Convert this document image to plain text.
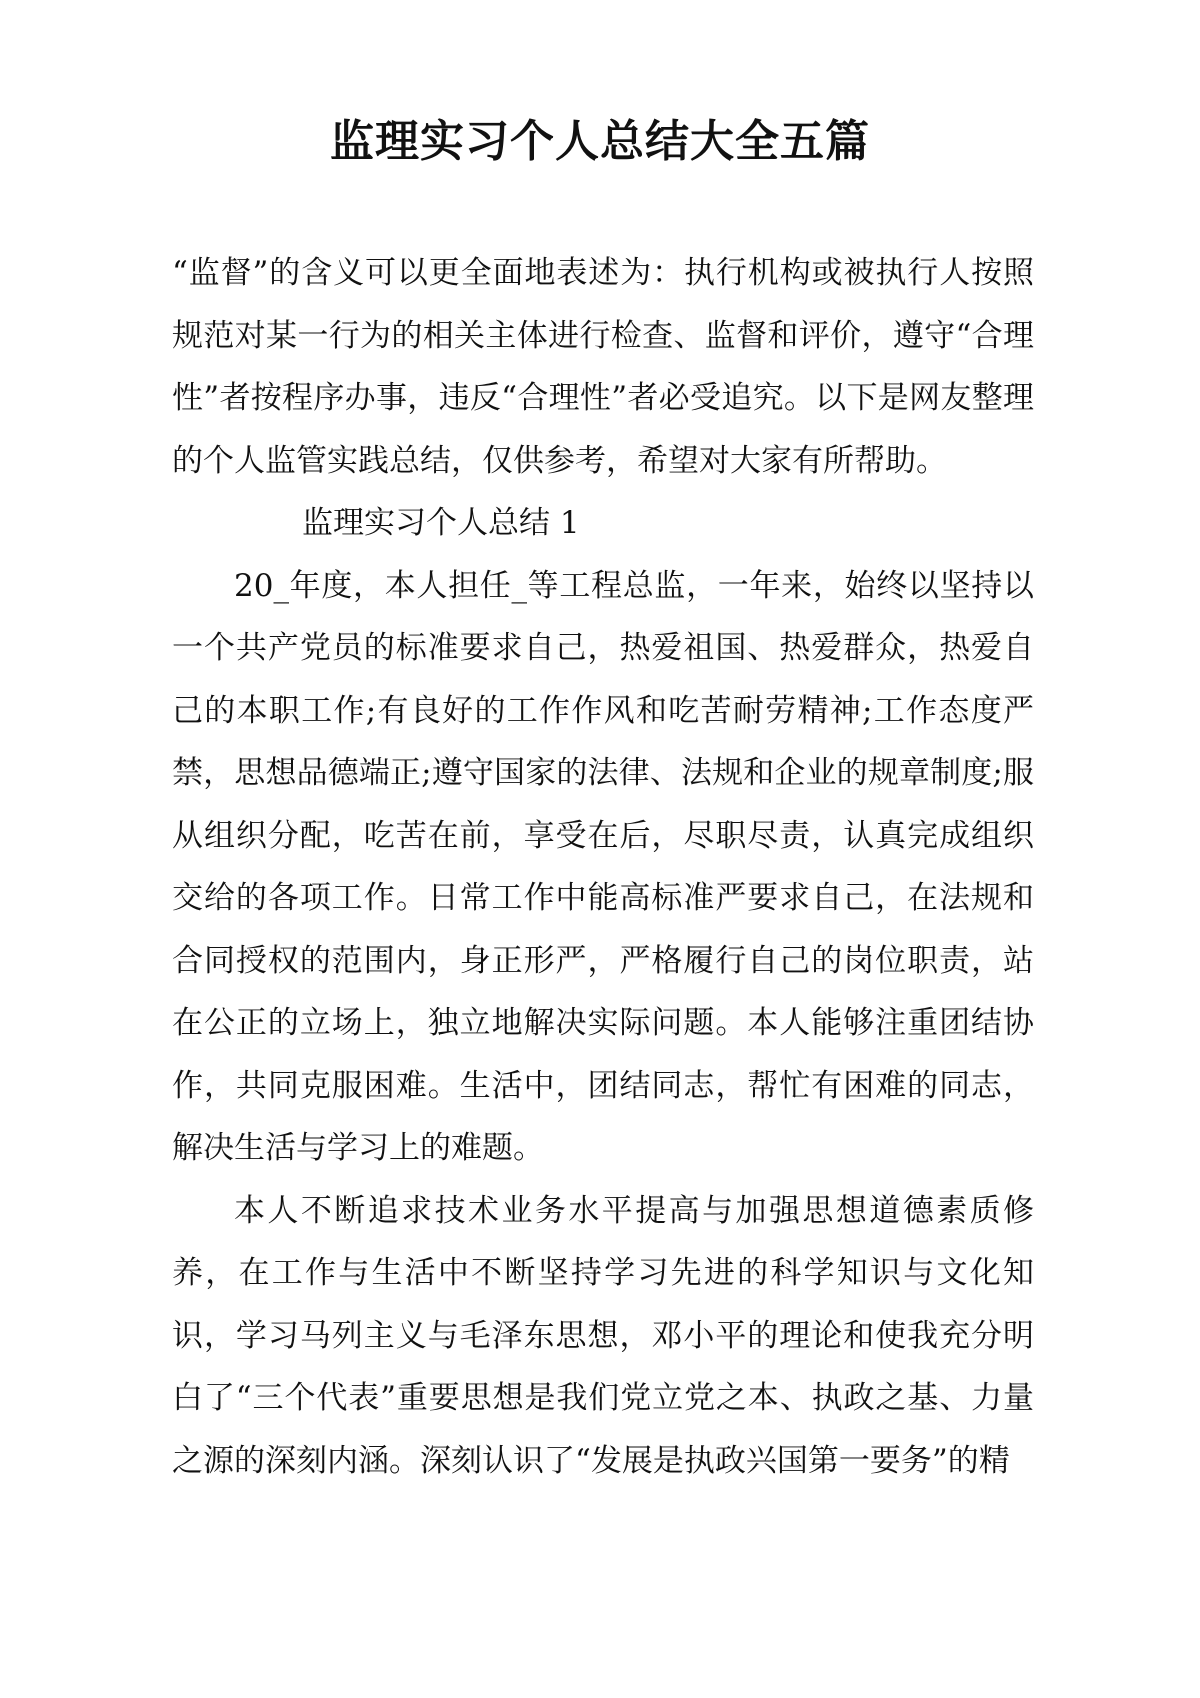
监理实习个人总结大全五篇

“监督”的含义可以更全面地表述为：执行机构或被执行人按照规范对某一行为的相关主体进行检查、监督和评价，遵守“合理性”者按程序办事，违反“合理性”者必受追究。以下是网友整理的个人监管实践总结，仅供参考，希望对大家有所帮助。

监理实习个人总结 1

20_年度，本人担任_等工程总监，一年来，始终以坚持以一个共产党员的标准要求自己，热爱祖国、热爱群众，热爱自己的本职工作;有良好的工作作风和吃苦耐劳精神;工作态度严禁，思想品德端正;遵守国家的法律、法规和企业的规章制度;服从组织分配，吃苦在前，享受在后，尽职尽责，认真完成组织交给的各项工作。日常工作中能高标准严要求自己，在法规和合同授权的范围内，身正形严，严格履行自己的岗位职责，站在公正的立场上，独立地解决实际问题。本人能够注重团结协作，共同克服困难。生活中，团结同志，帮忙有困难的同志，解决生活与学习上的难题。

本人不断追求技术业务水平提高与加强思想道德素质修养，在工作与生活中不断坚持学习先进的科学知识与文化知识，学习马列主义与毛泽东思想，邓小平的理论和使我充分明白了“三个代表”重要思想是我们党立党之本、执政之基、力量之源的深刻内涵。深刻认识了“发展是执政兴国第一要务”的精
